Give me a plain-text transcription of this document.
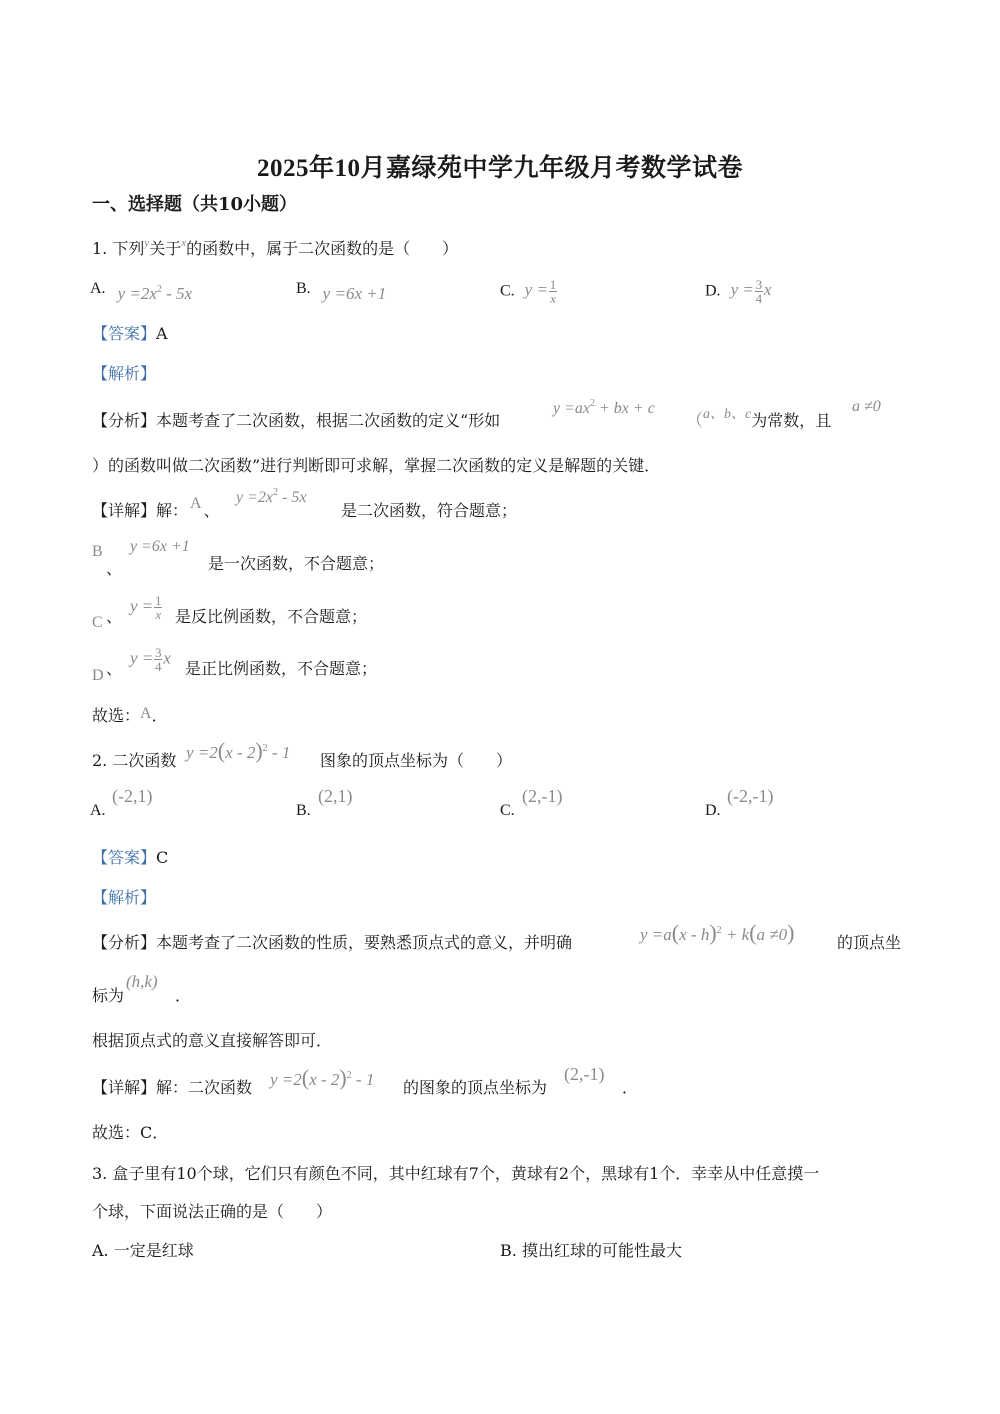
2025年10月嘉绿苑中学九年级月考数学试卷
一、选择题（共10小题）
1. 下列$^y$关于$^x$的函数中，属于二次函数的是（　　）
A. $y =2x^2 - 5x$	B. y =6x +1	C. $y = \frac{1}{x}$	D. $y = \frac{3}{4}$ x
【答案】A
【解析】
【分析】本题考查了二次函数，根据二次函数的定义“形如
$y =ax^2$ + bx + c
（a、b、c为常数，且
a ≠0
）的函数叫做二次函数”进行判断即可求解，掌握二次函数的定义是解题的关键．
【详解】解： A 、
$y =2x^2 - 5x$
是二次函数，符合题意；
B
、
y =6x +1
是一次函数，不合题意；
C 、
$y = \frac{1}{x}$ 是反比例函数，不合题意；
D 、
$y = \frac{3}{4}$ x
是正比例函数，不合题意；
故选：A．
2. 二次函数 y =2(x - 2)$^2$ - 1 图象的顶点坐标为（　　）
A.
(-2,1)
B.
(2,1)
C.
(2,-1)
D.
(-2,-1)
【答案】C
【解析】
【分析】本题考查了二次函数的性质，要熟悉顶点式的意义，并明确	y =a(x - h)$^2$ + k(a ≠0)	的顶点坐
标为
(h,k)
．
根据顶点式的意义直接解答即可．
【详解】解：二次函数 y =2(x - 2)$^2$ - 1 的图象的顶点坐标为
(2,-1)
．
故选：C．
3. 盒子里有10个球，它们只有颜色不同，其中红球有7个，黄球有2个，黑球有1个．幸幸从中任意摸一
个球，下面说法正确的是（　　）
A. 一定是红球	B. 摸出红球的可能性最大
